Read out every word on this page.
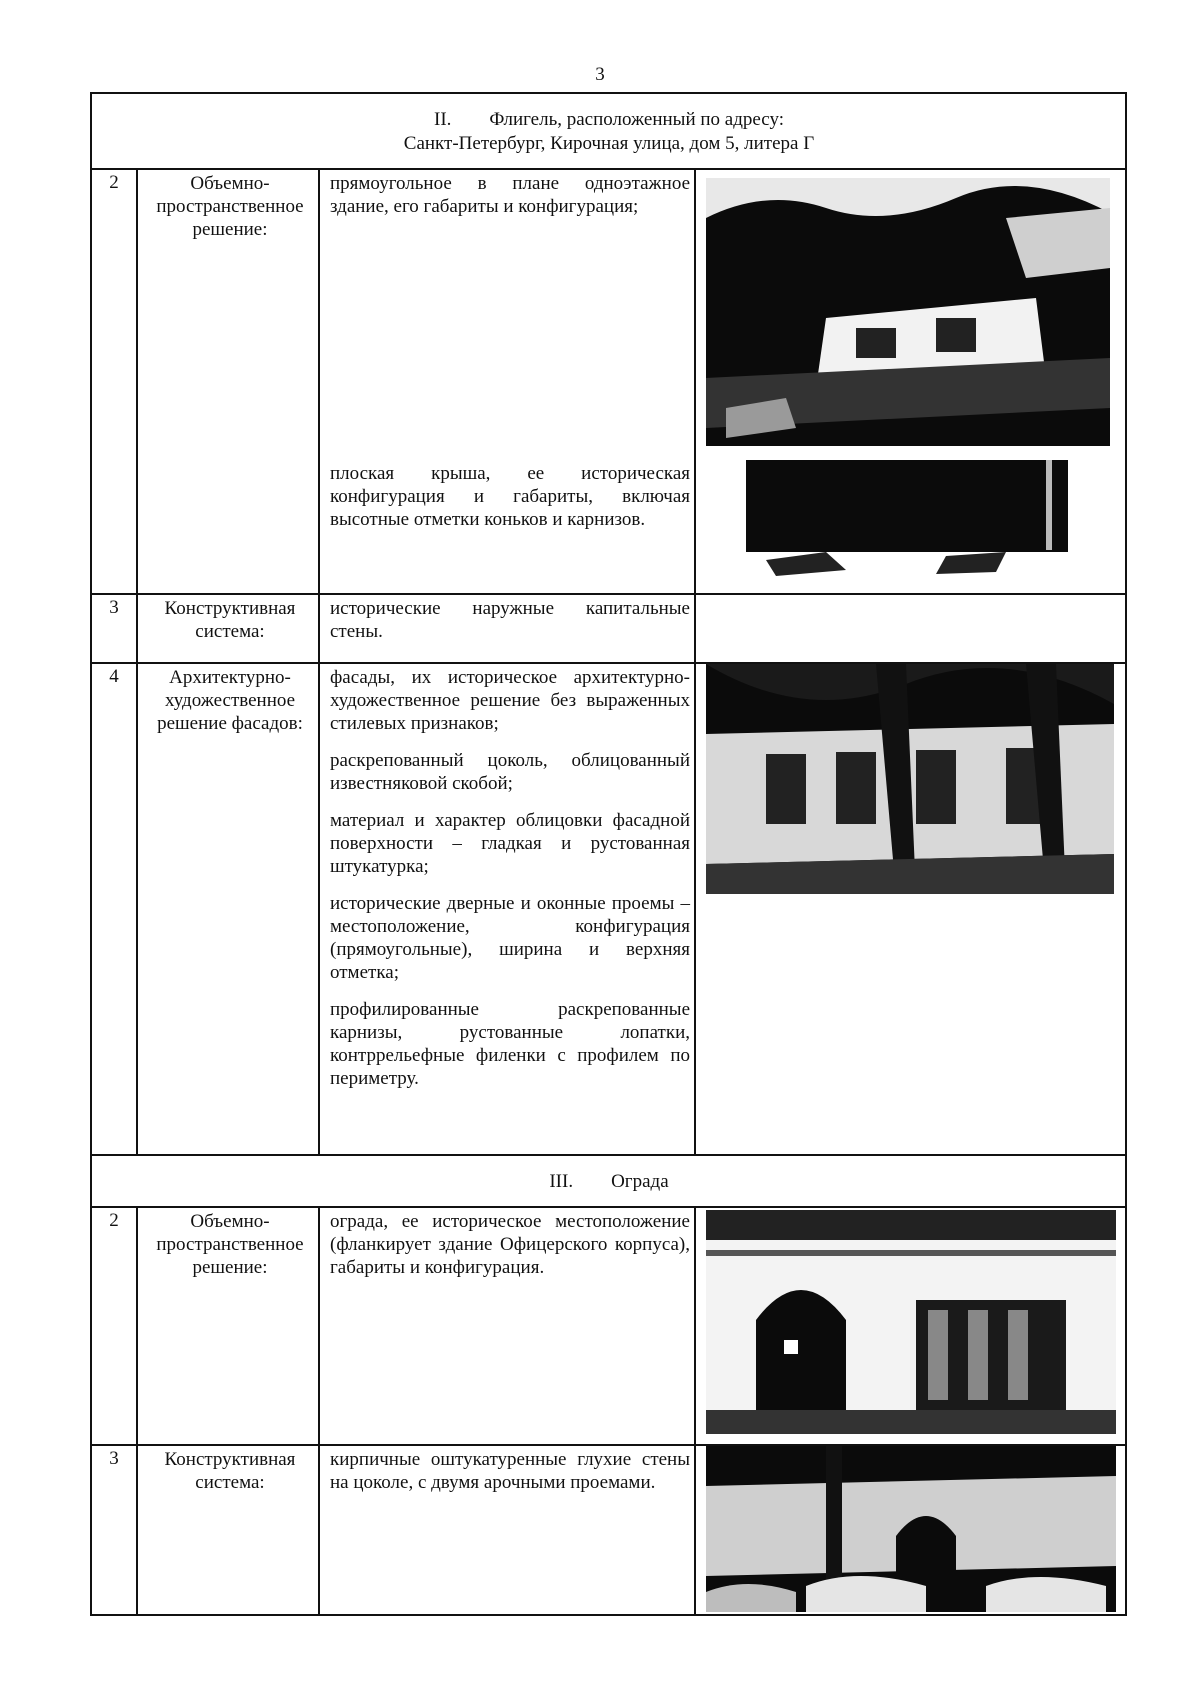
3
II.        Флигель, расположенный по адресу:
Санкт-Петербург, Кирочная улица, дом 5, литера Г
2	Объемно-пространственное решение:
прямоугольное в плане одноэтажное здание, его габариты и конфигурация;
плоская крыша, ее историческая конфигурация и габариты, включая высотные отметки коньков и карнизов.
3	Конструктивная система:
исторические наружные капитальные стены.
4	Архитектурно-художественное решение фасадов:

фасады, их историческое архитектурно-художественное решение без выраженных стилевых признаков;

раскрепованный цоколь, облицованный известняковой скобой;

материал и характер облицовки фасадной поверхности – гладкая и рустованная штукатурка;

исторические дверные и оконные проемы – местоположение, конфигурация (прямоугольные), ширина и верхняя отметка;

профилированные раскрепованные карнизы, рустованные лопатки, контррельефные филенки с профилем по периметру.

III.        Ограда
2	Объемно-пространственное решение:
ограда, ее историческое местоположение (фланкирует здание Офицерского корпуса), габариты и конфигурация.
3	Конструктивная система:
кирпичные оштукатуренные глухие стены на цоколе, с двумя арочными проемами.
